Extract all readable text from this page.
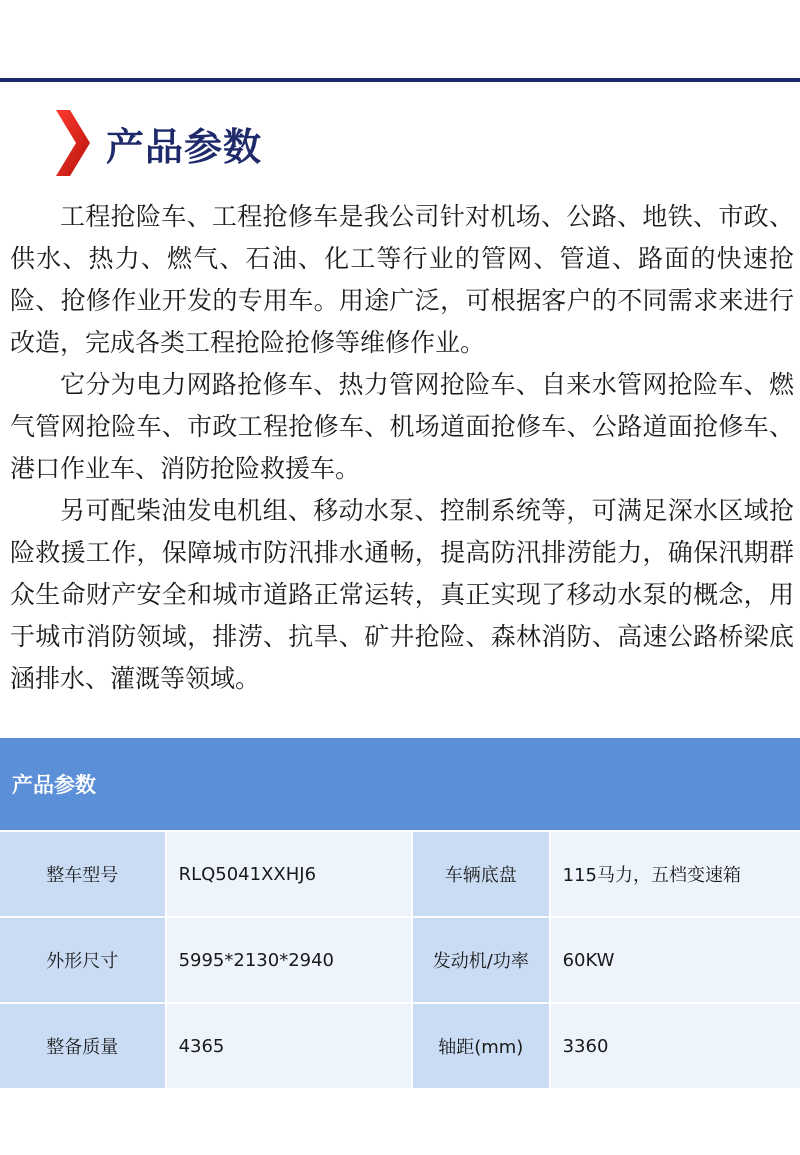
产品参数

工程抢险车、工程抢修车是我公司针对机场、公路、地铁、市政、供水、热力、燃气、石油、化工等行业的管网、管道、路面的快速抢险、抢修作业开发的专用车。用途广泛，可根据客户的不同需求来进行改造，完成各类工程抢险抢修等维修作业。

它分为电力网路抢修车、热力管网抢险车、自来水管网抢险车、燃气管网抢险车、市政工程抢修车、机场道面抢修车、公路道面抢修车、港口作业车、消防抢险救援车。

另可配柴油发电机组、移动水泵、控制系统等，可满足深水区域抢险救援工作，保障城市防汛排水通畅，提高防汛排涝能力，确保汛期群众生命财产安全和城市道路正常运转，真正实现了移动水泵的概念，用于城市消防领域，排涝、抗旱、矿井抢险、森林消防、高速公路桥梁底涵排水、灌溉等领域。

产品参数
整车型号	RLQ5041XXHJ6	车辆底盘	115马力，五档变速箱
外形尺寸	5995*2130*2940	发动机/功率	60KW
整备质量	4365	轴距(mm)	3360
